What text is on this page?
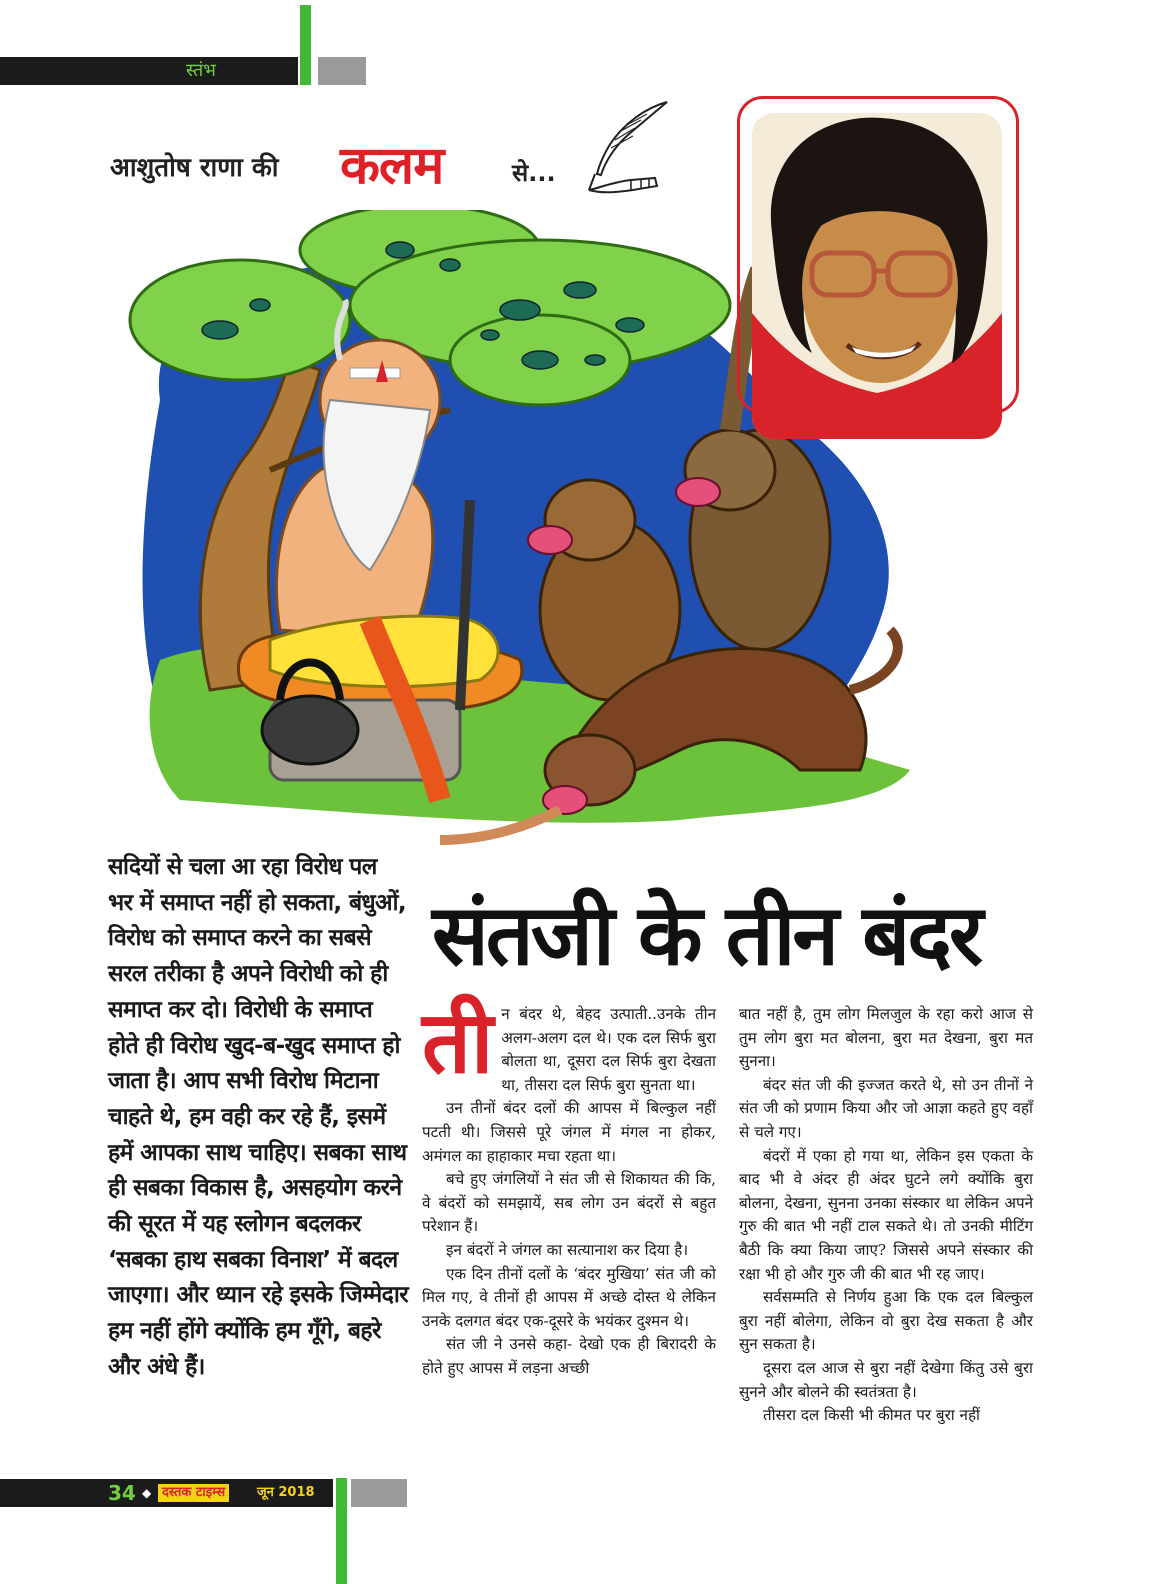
स्तंभ
आशुतोष राणा की कलम	से...
सदियों से चला आ रहा विरोध पल भर में समाप्त नहीं हो सकता, बंधुओं, विरोध को समाप्त करने का सबसे सरल तरीका है अपने विरोधी को ही समाप्त कर दो। विरोधी के समाप्त होते ही विरोध खुद-ब-खुद समाप्त हो जाता है। आप सभी विरोध मिटाना चाहते थे, हम वही कर रहे हैं, इसमें हमें आपका साथ चाहिए। सबका साथ ही सबका विकास है, असहयोग करने की सूरत में यह स्लोगन बदलकर ‘सबका हाथ सबका विनाश’ में बदल जाएगा। और ध्यान रहे इसके जिम्मेदार हम नहीं होंगे क्योंकि हम गूँगे, बहरे और अंधे हैं।
संतजी के तीन बंदर
ती न बंदर थे, बेहद उत्पाती..उनके तीन अलग-अलग दल थे। एक दल सिर्फ बुरा बोलता था, दूसरा दल सिर्फ बुरा देखता था, तीसरा दल सिर्फ बुरा सुनता था।

उन तीनों बंदर दलों की आपस में बिल्कुल नहीं पटती थी। जिससे पूरे जंगल में मंगल ना होकर, अमंगल का हाहाकार मचा रहता था।

बचे हुए जंगलियों ने संत जी से शिकायत की कि, वे बंदरों को समझायें, सब लोग उन बंदरों से बहुत परेशान हैं।

इन बंदरों ने जंगल का सत्यानाश कर दिया है।

एक दिन तीनों दलों के ‘बंदर मुखिया’ संत जी को मिल गए, वे तीनों ही आपस में अच्छे दोस्त थे लेकिन उनके दलगत बंदर एक-दूसरे के भयंकर दुश्मन थे।

संत जी ने उनसे कहा- देखो एक ही बिरादरी के होते हुए आपस में लड़ना अच्छी

बात नहीं है, तुम लोग मिलजुल के रहा करो आज से तुम लोग बुरा मत बोलना, बुरा मत देखना, बुरा मत सुनना।

बंदर संत जी की इज्जत करते थे, सो उन तीनों ने संत जी को प्रणाम किया और जो आज्ञा कहते हुए वहाँ से चले गए।

बंदरों में एका हो गया था, लेकिन इस एकता के बाद भी वे अंदर ही अंदर घुटने लगे क्योंकि बुरा बोलना, देखना, सुनना उनका संस्कार था लेकिन अपने गुरु की बात भी नहीं टाल सकते थे। तो उनकी मीटिंग बैठी कि क्या किया जाए? जिससे अपने संस्कार की रक्षा भी हो और गुरु जी की बात भी रह जाए।

सर्वसम्मति से निर्णय हुआ कि एक दल बिल्कुल बुरा नहीं बोलेगा, लेकिन वो बुरा देख सकता है और सुन सकता है।

दूसरा दल आज से बुरा नहीं देखेगा किंतु उसे बुरा सुनने और बोलने की स्वतंत्रता है।

तीसरा दल किसी भी कीमत पर बुरा नहीं

34 ◆ दस्तक टाइम्स	जून 2018
